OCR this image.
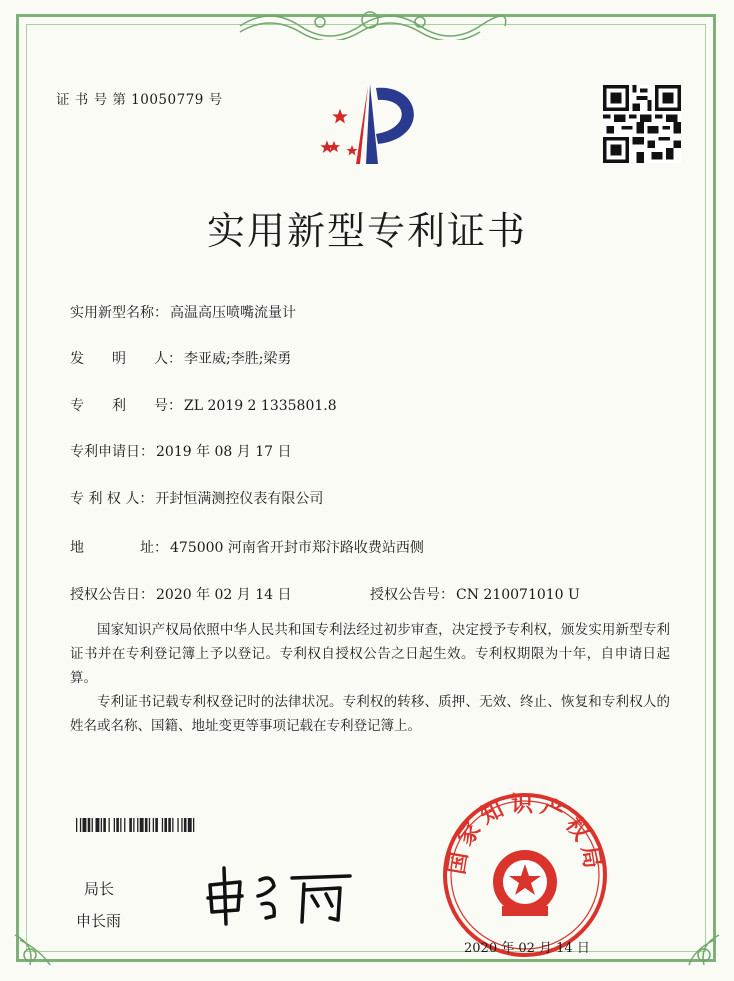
证 书 号 第 10050779 号
实用新型专利证书
实用新型名称： 高温高压喷嘴流量计
发　　明　　人： 李亚威;李胜;梁勇
专　　利　　号： ZL 2019 2 1335801.8
专利申请日： 2019 年 08 月 17 日
专 利 权 人： 开封恒满测控仪表有限公司
地　　　　址： 475000 河南省开封市郑汴路收费站西侧
授权公告日： 2020 年 02 月 14 日	授权公告号： CN 210071010 U

国家知识产权局依照中华人民共和国专利法经过初步审查，决定授予专利权，颁发实用新型专利证书并在专利登记簿上予以登记。专利权自授权公告之日起生效。专利权期限为十年，自申请日起算。

专利证书记载专利权登记时的法律状况。专利权的转移、质押、无效、终止、恢复和专利权人的姓名或名称、国籍、地址变更等事项记载在专利登记簿上。

局长
申长雨
国家知识产权局
2020 年 02 月 14 日
